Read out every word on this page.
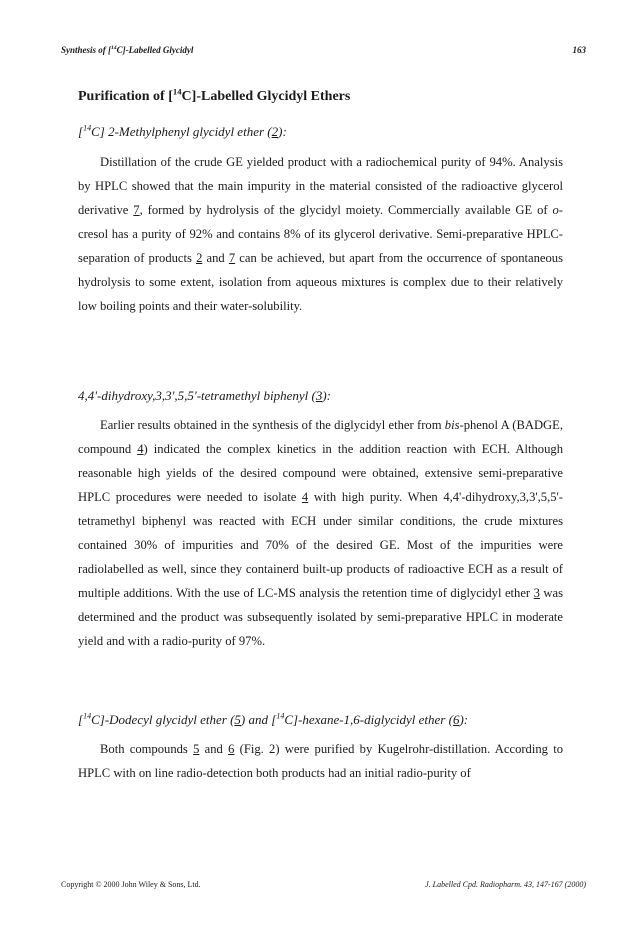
Synthesis of [$^{14}$C]-Labelled Glycidyl	163
Purification of [$^{14}$C]-Labelled Glycidyl Ethers
[$^{14}$C] 2-Methylphenyl glycidyl ether (2):

Distillation of the crude GE yielded product with a radiochemical purity of 94%. Analysis by HPLC showed that the main impurity in the material consisted of the radioactive glycerol derivative 7, formed by hydrolysis of the glycidyl moiety. Commercially available GE of o-cresol has a purity of 92% and contains 8% of its glycerol derivative. Semi-preparative HPLC-separation of products 2 and 7 can be achieved, but apart from the occurrence of spontaneous hydrolysis to some extent, isolation from aqueous mixtures is complex due to their relatively low boiling points and their water-solubility.

4,4'-dihydroxy,3,3',5,5'-tetramethyl biphenyl (3):

Earlier results obtained in the synthesis of the diglycidyl ether from bis-phenol A (BADGE, compound 4) indicated the complex kinetics in the addition reaction with ECH. Although reasonable high yields of the desired compound were obtained, extensive semi-preparative HPLC procedures were needed to isolate 4 with high purity. When 4,4'-dihydroxy,3,3',5,5'-tetramethyl biphenyl was reacted with ECH under similar conditions, the crude mixtures contained 30% of impurities and 70% of the desired GE. Most of the impurities were radiolabelled as well, since they containerd built-up products of radioactive ECH as a result of multiple additions. With the use of LC-MS analysis the retention time of diglycidyl ether 3 was determined and the product was subsequently isolated by semi-preparative HPLC in moderate yield and with a radio-purity of 97%.

[$^{14}$C]-Dodecyl glycidyl ether (5) and [$^{14}$C]-hexane-1,6-diglycidyl ether (6):

Both compounds 5 and 6 (Fig. 2) were purified by Kugelrohr-distillation. According to HPLC with on line radio-detection both products had an initial radio-purity of

Copyright © 2000 John Wiley & Sons, Ltd.	J. Labelled Cpd. Radiopharm. 43, 147-167 (2000)
